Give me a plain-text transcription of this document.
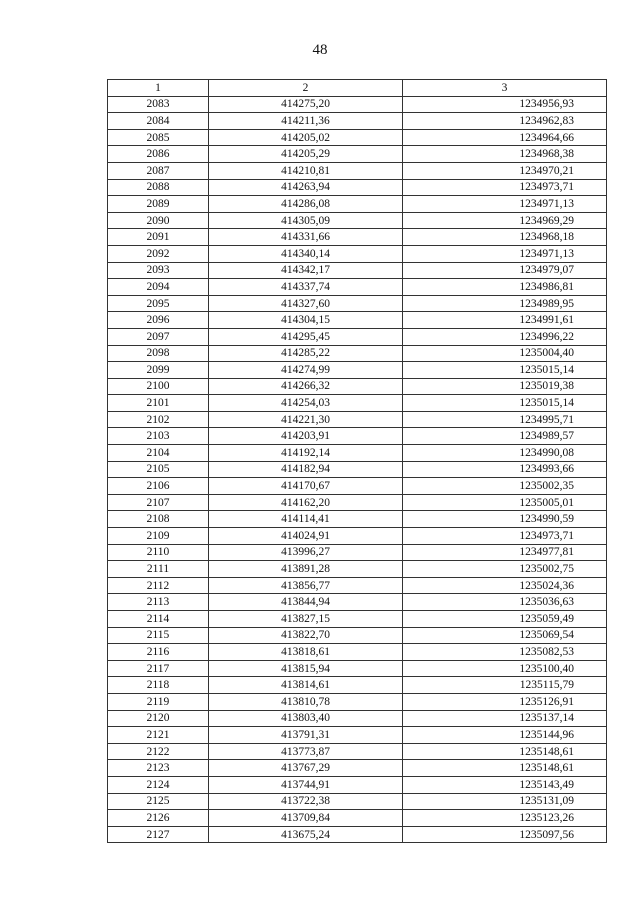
48
1	2	3
2083	414275,20	1234956,93
2084	414211,36	1234962,83
2085	414205,02	1234964,66
2086	414205,29	1234968,38
2087	414210,81	1234970,21
2088	414263,94	1234973,71
2089	414286,08	1234971,13
2090	414305,09	1234969,29
2091	414331,66	1234968,18
2092	414340,14	1234971,13
2093	414342,17	1234979,07
2094	414337,74	1234986,81
2095	414327,60	1234989,95
2096	414304,15	1234991,61
2097	414295,45	1234996,22
2098	414285,22	1235004,40
2099	414274,99	1235015,14
2100	414266,32	1235019,38
2101	414254,03	1235015,14
2102	414221,30	1234995,71
2103	414203,91	1234989,57
2104	414192,14	1234990,08
2105	414182,94	1234993,66
2106	414170,67	1235002,35
2107	414162,20	1235005,01
2108	414114,41	1234990,59
2109	414024,91	1234973,71
2110	413996,27	1234977,81
2111	413891,28	1235002,75
2112	413856,77	1235024,36
2113	413844,94	1235036,63
2114	413827,15	1235059,49
2115	413822,70	1235069,54
2116	413818,61	1235082,53
2117	413815,94	1235100,40
2118	413814,61	1235115,79
2119	413810,78	1235126,91
2120	413803,40	1235137,14
2121	413791,31	1235144,96
2122	413773,87	1235148,61
2123	413767,29	1235148,61
2124	413744,91	1235143,49
2125	413722,38	1235131,09
2126	413709,84	1235123,26
2127	413675,24	1235097,56
